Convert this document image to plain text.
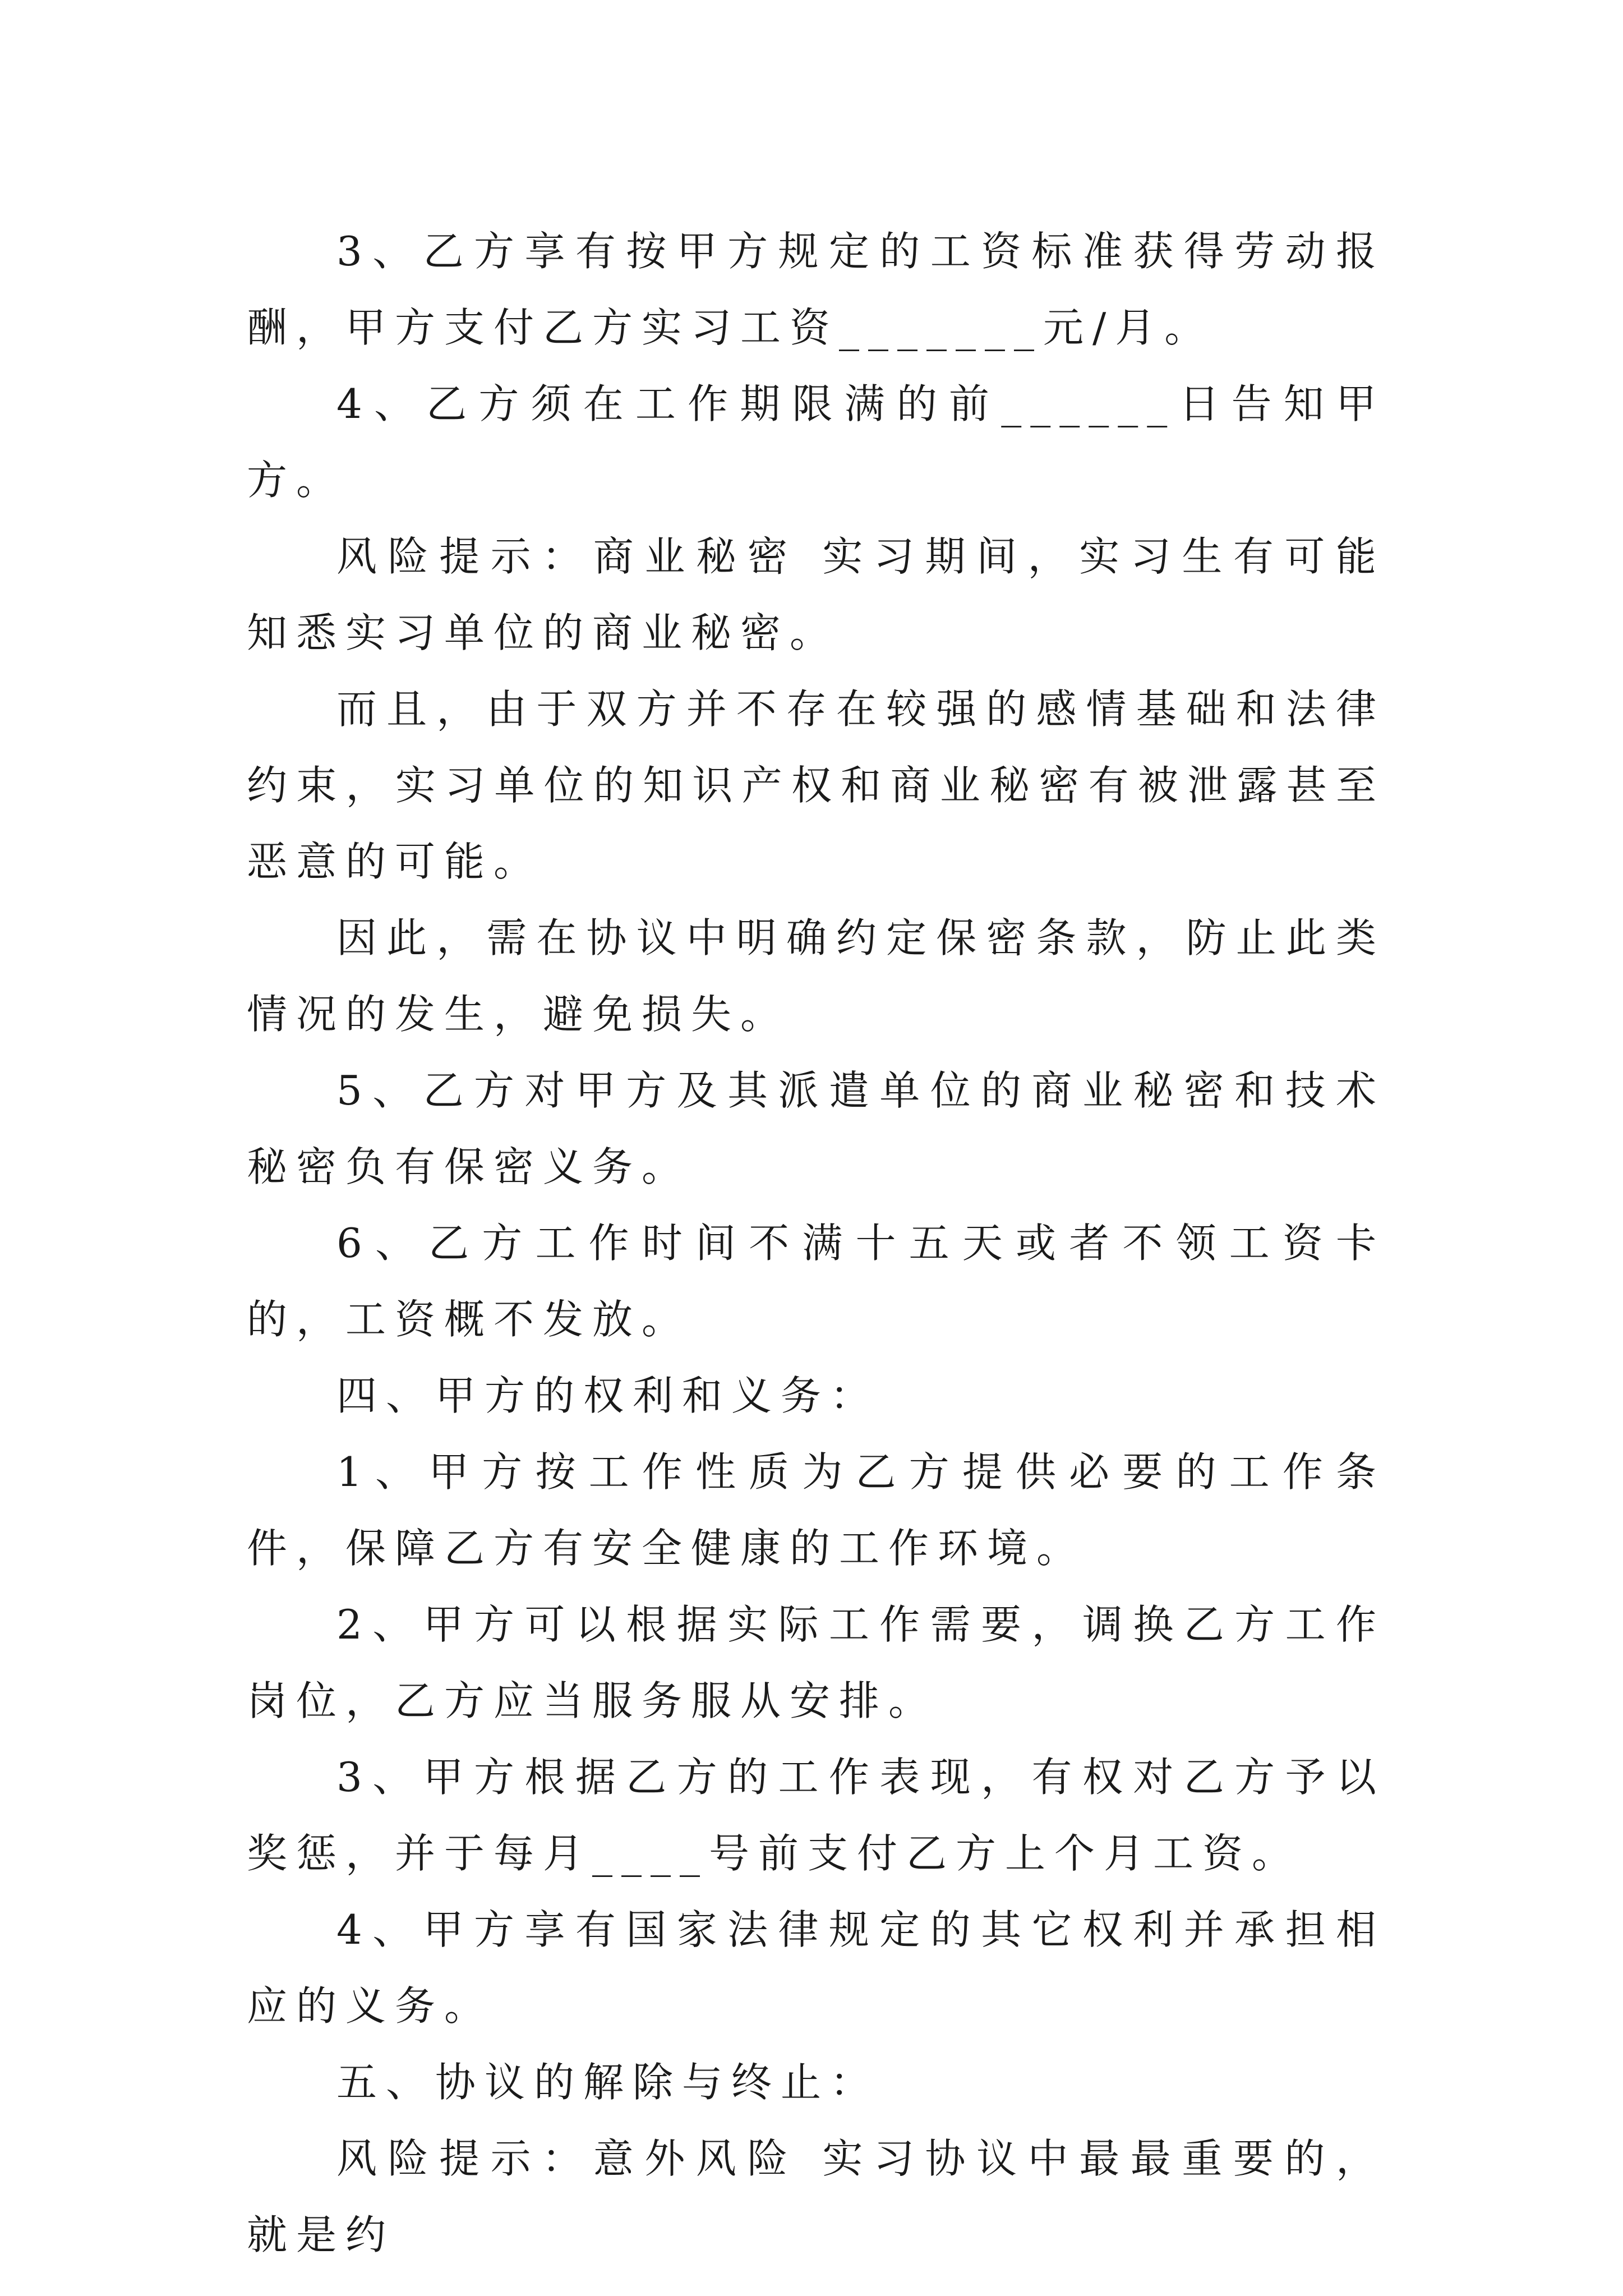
3、乙方享有按甲方规定的工资标准获得劳动报酬，甲方支付乙方实习工资_______元/月。

4、乙方须在工作期限满的前______日告知甲方。

风险提示：商业秘密 实习期间，实习生有可能知悉实习单位的商业秘密。

而且，由于双方并不存在较强的感情基础和法律约束，实习单位的知识产权和商业秘密有被泄露甚至恶意的可能。

因此，需在协议中明确约定保密条款，防止此类情况的发生，避免损失。

5、乙方对甲方及其派遣单位的商业秘密和技术秘密负有保密义务。

6、乙方工作时间不满十五天或者不领工资卡的，工资概不发放。

四、甲方的权利和义务：

1、甲方按工作性质为乙方提供必要的工作条件，保障乙方有安全健康的工作环境。

2、甲方可以根据实际工作需要，调换乙方工作岗位，乙方应当服务服从安排。

3、甲方根据乙方的工作表现，有权对乙方予以奖惩，并于每月____号前支付乙方上个月工资。

4、甲方享有国家法律规定的其它权利并承担相应的义务。

五、协议的解除与终止：

风险提示：意外风险 实习协议中最最重要的，就是约
